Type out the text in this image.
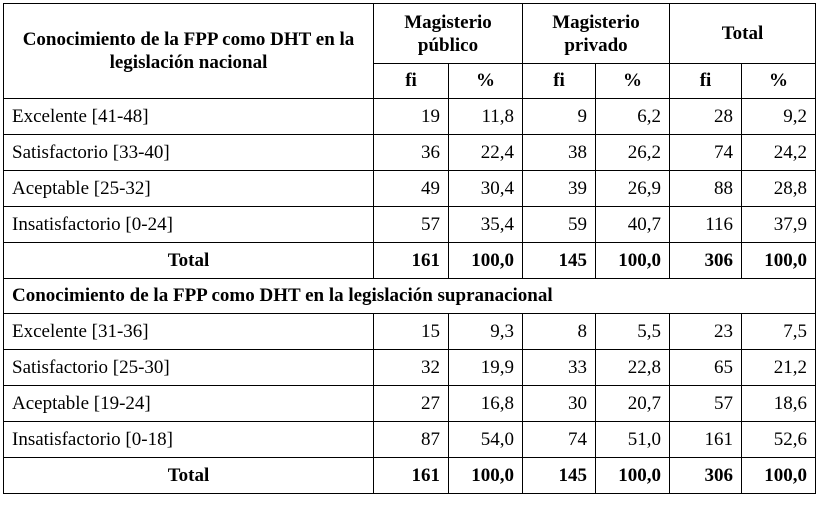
Conocimiento de la FPP como DHT en la legislación nacional	Magisterio público		Magisterio privado		Total	
	fi	%	fi	%	fi	%
Excelente [41-48]	19	11,8	9	6,2	28	9,2
Satisfactorio [33-40]	36	22,4	38	26,2	74	24,2
Aceptable [25-32]	49	30,4	39	26,9	88	28,8
Insatisfactorio [0-24]	57	35,4	59	40,7	116	37,9
Total	161	100,0	145	100,0	306	100,0
Conocimiento de la FPP como DHT en la legislación supranacional						
Excelente [31-36]	15	9,3	8	5,5	23	7,5
Satisfactorio [25-30]	32	19,9	33	22,8	65	21,2
Aceptable [19-24]	27	16,8	30	20,7	57	18,6
Insatisfactorio [0-18]	87	54,0	74	51,0	161	52,6
Total	161	100,0	145	100,0	306	100,0
